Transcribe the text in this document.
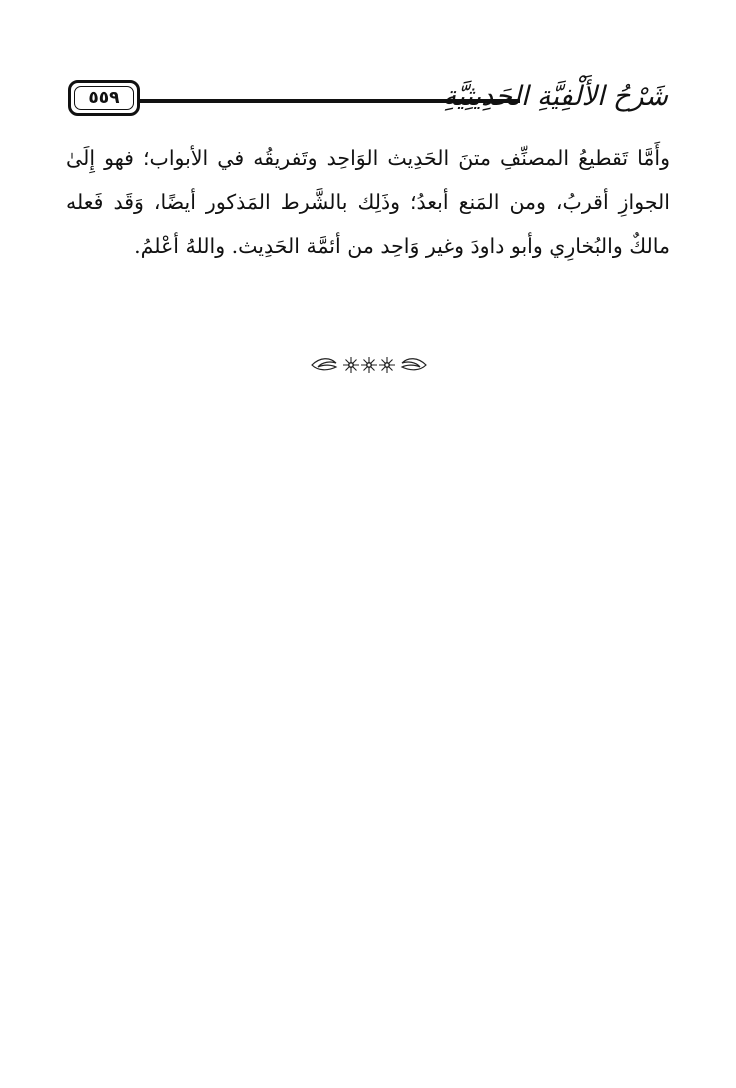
٥٥٩	شَرْحُ الأَلْفِيَّةِ الحَدِيثِيَّةِ
وأَمَّا تَقطيعُ المصنِّفِ متنَ الحَدِيث الوَاحِد وتَفريقُه في الأبواب؛ فهو إِلَىٰ
الجوازِ أقربُ، ومن المَنع أبعدُ؛ وذَلِك بالشَّرط المَذكور أيضًا، وَقَد فَعله
مالكٌ والبُخارِي وأبو داودَ وغير وَاحِد من أئمَّة الحَدِيث. واللهُ أعْلمُ.
